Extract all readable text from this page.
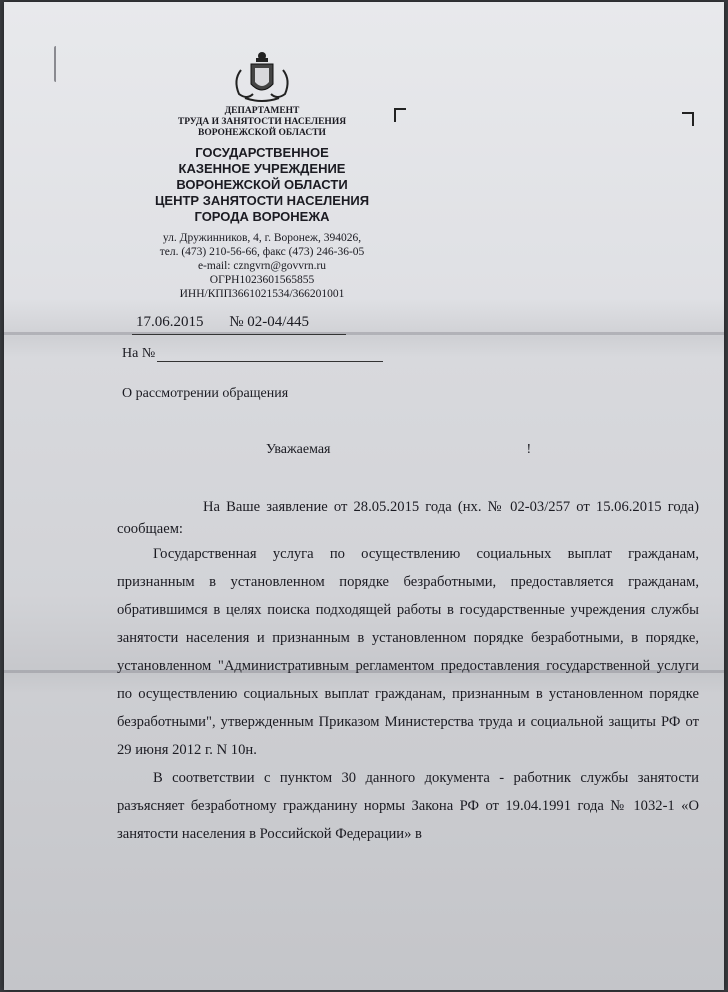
ДЕПАРТАМЕНТ
ТРУДА И ЗАНЯТОСТИ НАСЕЛЕНИЯ
ВОРОНЕЖСКОЙ ОБЛАСТИ
ГОСУДАРСТВЕННОЕ
КАЗЕННОЕ УЧРЕЖДЕНИЕ
ВОРОНЕЖСКОЙ ОБЛАСТИ
ЦЕНТР ЗАНЯТОСТИ НАСЕЛЕНИЯ
ГОРОДА ВОРОНЕЖА
ул. Дружинников, 4, г. Воронеж, 394026,
тел. (473) 210-56-66, факс (473) 246-36-05
e-mail: czngvrn@govvrn.ru
ОГРН1023601565855
ИНН/КПП3661021534/366201001
17.06.2015 № 02-04/445
На №
О рассмотрении обращения
Уважаемая	!

На Ваше заявление от 28.05.2015 года (нх. № 02-03/257 от 15.06.2015 года) сообщаем:

Государственная услуга по осуществлению социальных выплат гражданам, признанным в установленном порядке безработными, предоставляется гражданам, обратившимся в целях поиска подходящей работы в государственные учреждения службы занятости населения и признанным в установленном порядке безработными, в порядке, установленном "Административным регламентом предоставления государственной услуги по осуществлению социальных выплат гражданам, признанным в установленном порядке безработными", утвержденным Приказом Министерства труда и социальной защиты РФ от 29 июня 2012 г. N 10н.

В соответствии с пунктом 30 данного документа - работник службы занятости разъясняет безработному гражданину нормы Закона РФ от 19.04.1991 года № 1032-1 «О занятости населения в Российской Федерации» в
